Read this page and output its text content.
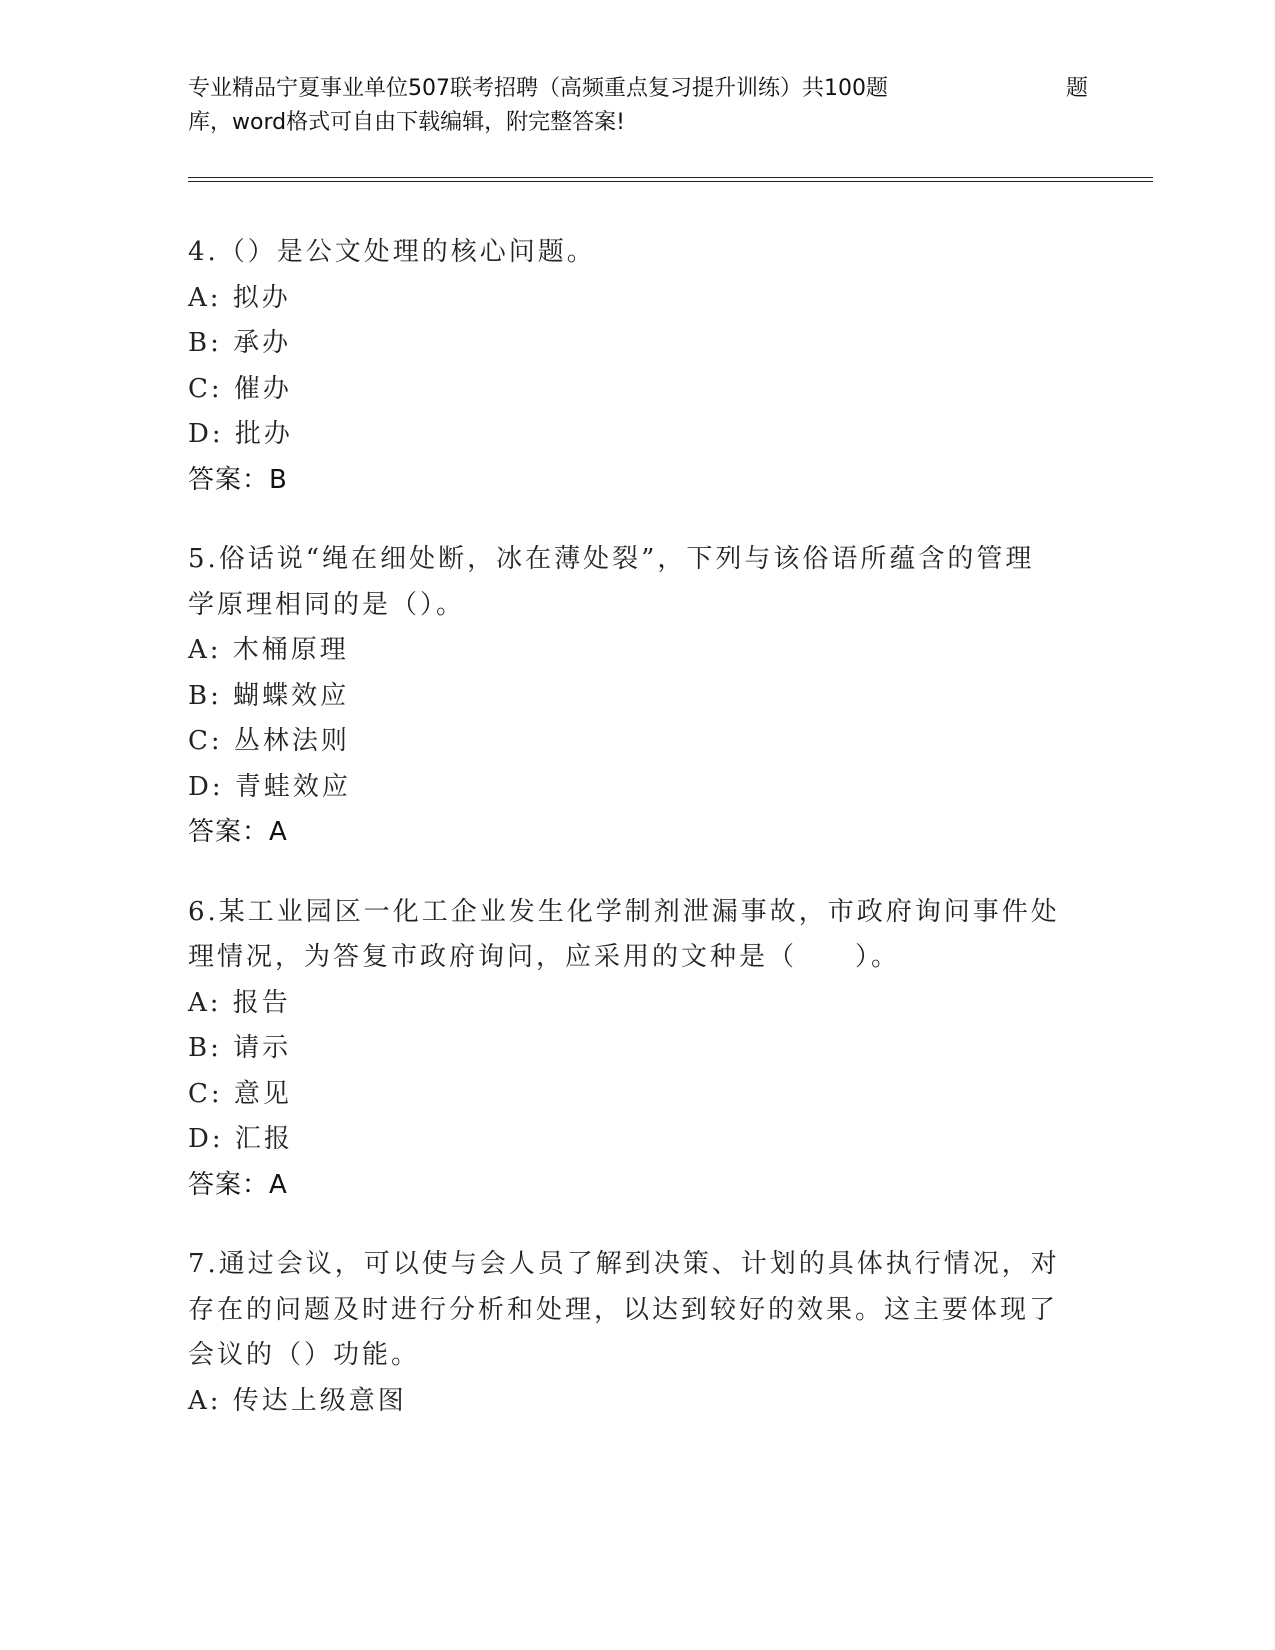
专业精品宁夏事业单位507联考招聘（高频重点复习提升训练）共100题	题
库，word格式可自由下载编辑，附完整答案!
4.（）是公文处理的核心问题。
A: 拟办
B: 承办
C: 催办
D: 批办
答案：B
5.俗话说“绳在细处断，冰在薄处裂”，下列与该俗语所蕴含的管理
学原理相同的是（）。
A: 木桶原理
B: 蝴蝶效应
C: 丛林法则
D: 青蛙效应
答案：A
6.某工业园区一化工企业发生化学制剂泄漏事故，市政府询问事件处
理情况，为答复市政府询问，应采用的文种是（　　）。
A: 报告
B: 请示
C: 意见
D: 汇报
答案：A
7.通过会议，可以使与会人员了解到决策、计划的具体执行情况，对
存在的问题及时进行分析和处理，以达到较好的效果。这主要体现了
会议的（）功能。
A: 传达上级意图
